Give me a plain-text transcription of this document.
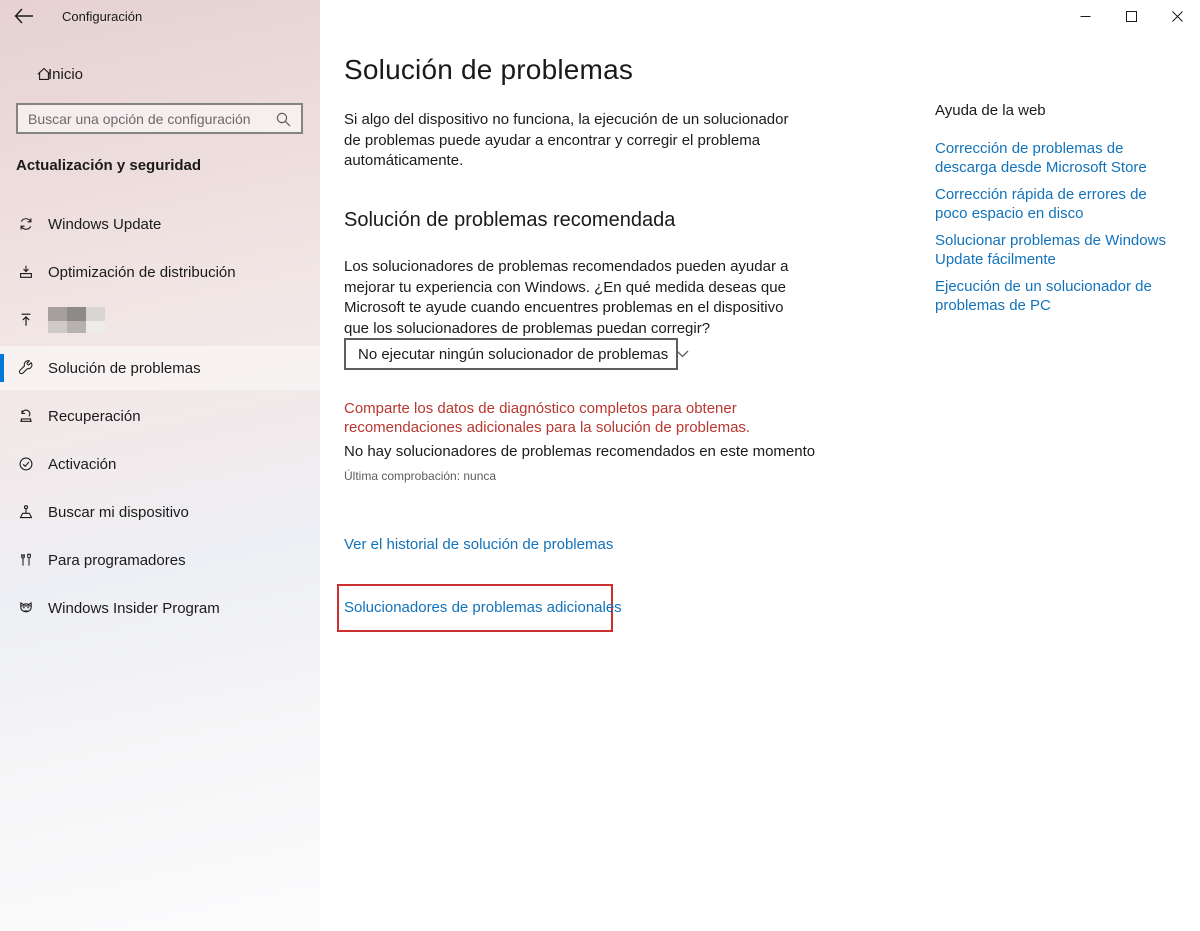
Configuración
Inicio
Buscar una opción de configuración
Actualización y seguridad
Windows Update
Optimización de distribución
Solución de problemas
Recuperación
Activación
Buscar mi dispositivo
Para programadores
Windows Insider Program
Solución de problemas

Si algo del dispositivo no funciona, la ejecución de un solucionador de problemas puede ayudar a encontrar y corregir el problema automáticamente.

Solución de problemas recomendada

Los solucionadores de problemas recomendados pueden ayudar a mejorar tu experiencia con Windows. ¿En qué medida deseas que Microsoft te ayude cuando encuentres problemas en el dispositivo que los solucionadores de problemas puedan corregir?

No ejecutar ningún solucionador de problemas

Comparte los datos de diagnóstico completos para obtener recomendaciones adicionales para la solución de problemas.

No hay solucionadores de problemas recomendados en este momento

Última comprobación: nunca

Ver el historial de solución de problemas
Solucionadores de problemas adicionales
Ayuda de la web
Corrección de problemas de descarga desde Microsoft Store
Corrección rápida de errores de poco espacio en disco
Solucionar problemas de Windows Update fácilmente
Ejecución de un solucionador de problemas de PC
